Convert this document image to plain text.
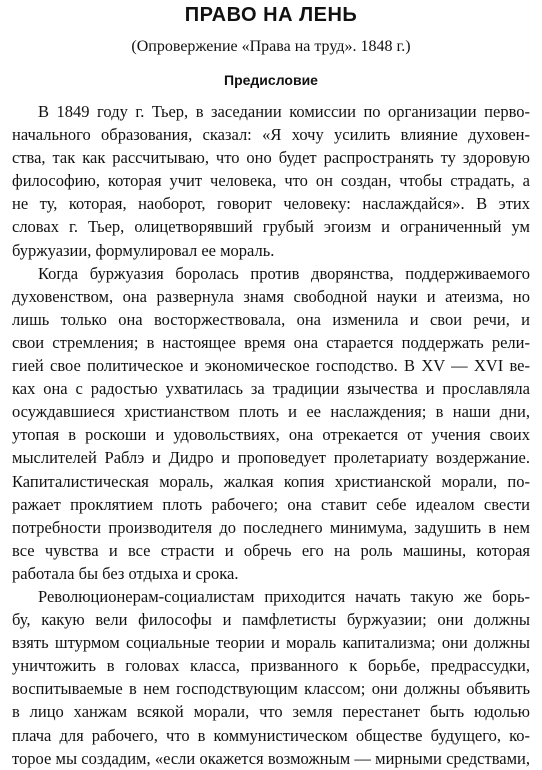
ПРАВО НА ЛЕНЬ

(Опровержение «Права на труд». 1848 г.)

Предисловие
В 1849 году г. Тьер, в заседании комиссии по организации перво-
начального образования, сказал: «Я хочу усилить влияние духовен-
ства, так как рассчитываю, что оно будет распространять ту здоровую
философию, которая учит человека, что он создан, чтобы страдать, а
не ту, которая, наоборот, говорит человеку: наслаждайся». В этих
словах г. Тьер, олицетворявший грубый эгоизм и ограниченный ум
буржуазии, формулировал ее мораль.
Когда буржуазия боролась против дворянства, поддерживаемого
духовенством, она развернула знамя свободной науки и атеизма, но
лишь только она восторжествовала, она изменила и свои речи, и
свои стремления; в настоящее время она старается поддержать рели-
гией свое политическое и экономическое господство. В XV — XVI ве-
ках она с радостью ухватилась за традиции язычества и прославляла
осуждавшиеся христианством плоть и ее наслаждения; в наши дни,
утопая в роскоши и удовольствиях, она отрекается от учения своих
мыслителей Раблэ и Дидро и проповедует пролетариату воздержание.
Капиталистическая мораль, жалкая копия христианской морали, по-
ражает проклятием плоть рабочего; она ставит себе идеалом свести
потребности производителя до последнего минимума, задушить в нем
все чувства и все страсти и обречь его на роль машины, которая
работала бы без отдыха и срока.
Революционерам-социалистам приходится начать такую же борь-
бу, какую вели философы и памфлетисты буржуазии; они должны
взять штурмом социальные теории и мораль капитализма; они должны
уничтожить в головах класса, призванного к борьбе, предрассудки,
воспитываемые в нем господствующим классом; они должны объявить
в лицо ханжам всякой морали, что земля перестанет быть юдолью
плача для рабочего, что в коммунистическом обществе будущего, ко-
торое мы создадим, «если окажется возможным — мирными средствами,
